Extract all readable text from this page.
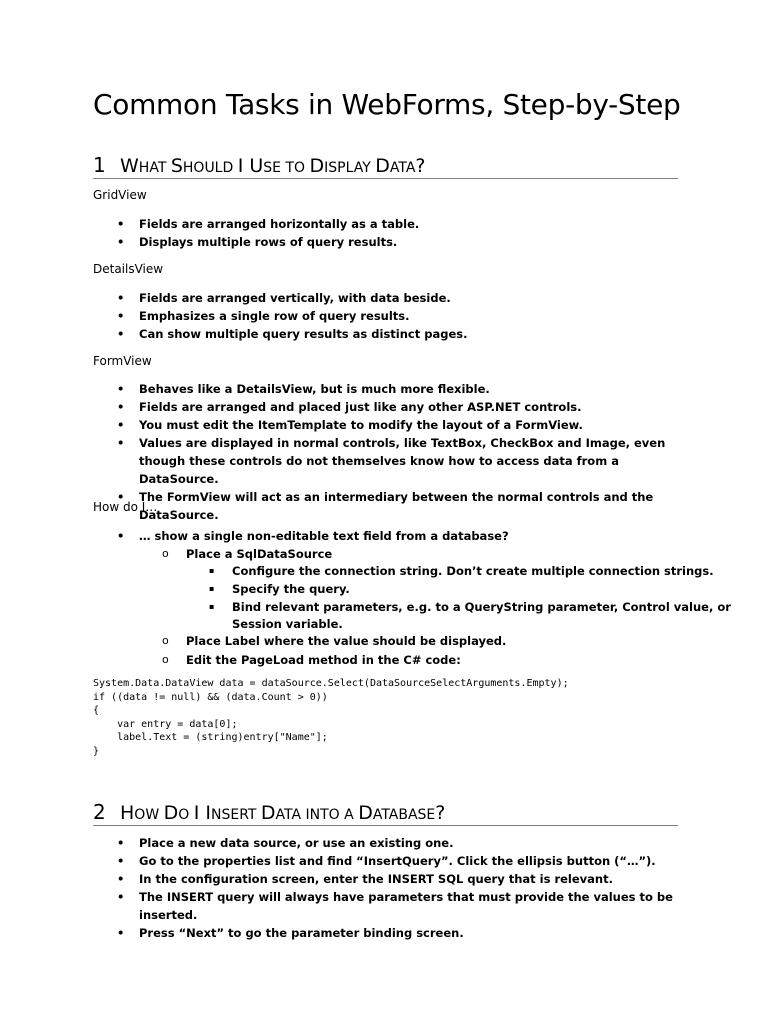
Common Tasks in WebForms, Step-by-Step
1 WHAT SHOULD I USE TO DISPLAY DATA?

GridView

• Fields are arranged horizontally as a table.
• Displays multiple rows of query results.

DetailsView

• Fields are arranged vertically, with data beside.
• Emphasizes a single row of query results.
• Can show multiple query results as distinct pages.

FormView

• Behaves like a DetailsView, but is much more flexible.
• Fields are arranged and placed just like any other ASP.NET controls.
• You must edit the ItemTemplate to modify the layout of a FormView.
• Values are displayed in normal controls, like TextBox, CheckBox and Image, even though these controls do not themselves know how to access data from a DataSource.
• The FormView will act as an intermediary between the normal controls and the DataSource.

How do I…

• … show a single non-editable text field from a database?

o Place a SqlDataSource

▪ Configure the connection string. Don’t create multiple connection strings.

▪ Specify the query.

▪ Bind relevant parameters, e.g. to a QueryString parameter, Control value, or

Session variable.

o Place Label where the value should be displayed.

o Edit the PageLoad method in the C# code:

System.Data.DataView data = dataSource.Select(DataSourceSelectArguments.Empty);
if ((data != null) && (data.Count > 0))
{
var entry = data[0];
label.Text = (string)entry["Name"];
}
2 HOW DO I INSERT DATA INTO A DATABASE?
• Place a new data source, or use an existing one.
• Go to the properties list and find “InsertQuery”. Click the ellipsis button (“…”).
• In the configuration screen, enter the INSERT SQL query that is relevant.
• The INSERT query will always have parameters that must provide the values to be inserted.
• Press “Next” to go the parameter binding screen.
